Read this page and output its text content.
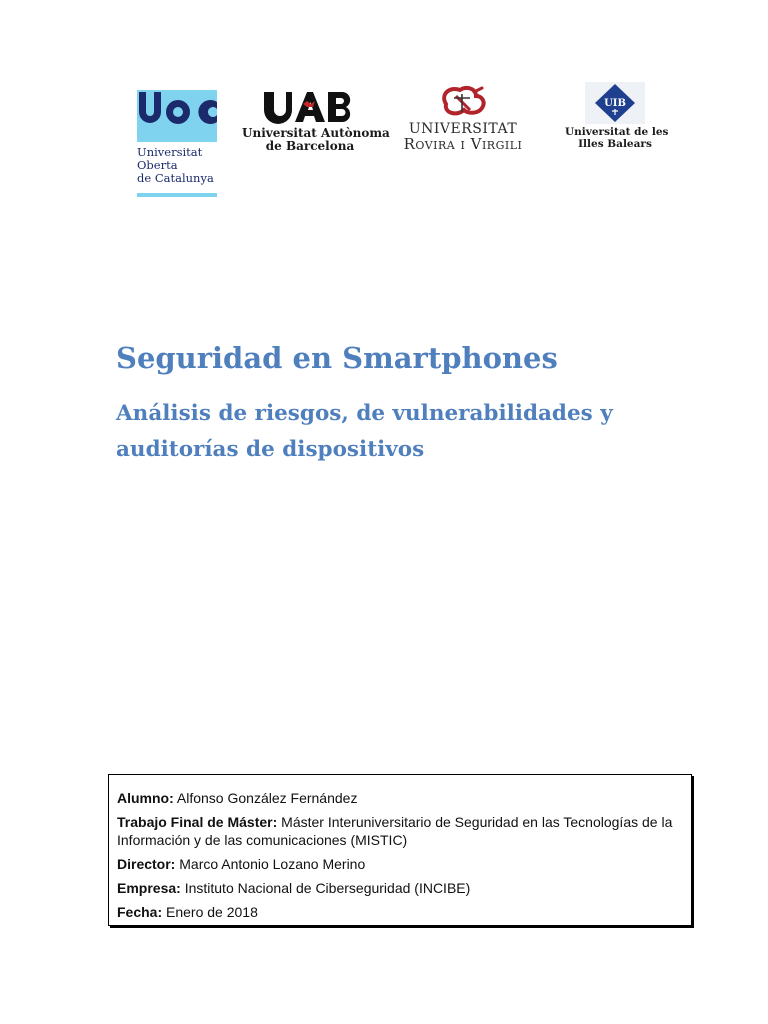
Universitat
Oberta
de Catalunya
Universitat Autònoma
de Barcelona
UNIVERSITAT
Rovira i Virgili
UIB
Universitat de les
Illes Balears
Seguridad en Smartphones
Análisis de riesgos, de vulnerabilidades y
auditorías de dispositivos
Alumno: Alfonso González Fernández
Trabajo Final de Máster: Máster Interuniversitario de Seguridad en las Tecnologías de la Información y de las comunicaciones (MISTIC)
Director: Marco Antonio Lozano Merino
Empresa: Instituto Nacional de Ciberseguridad (INCIBE)
Fecha: Enero de 2018
